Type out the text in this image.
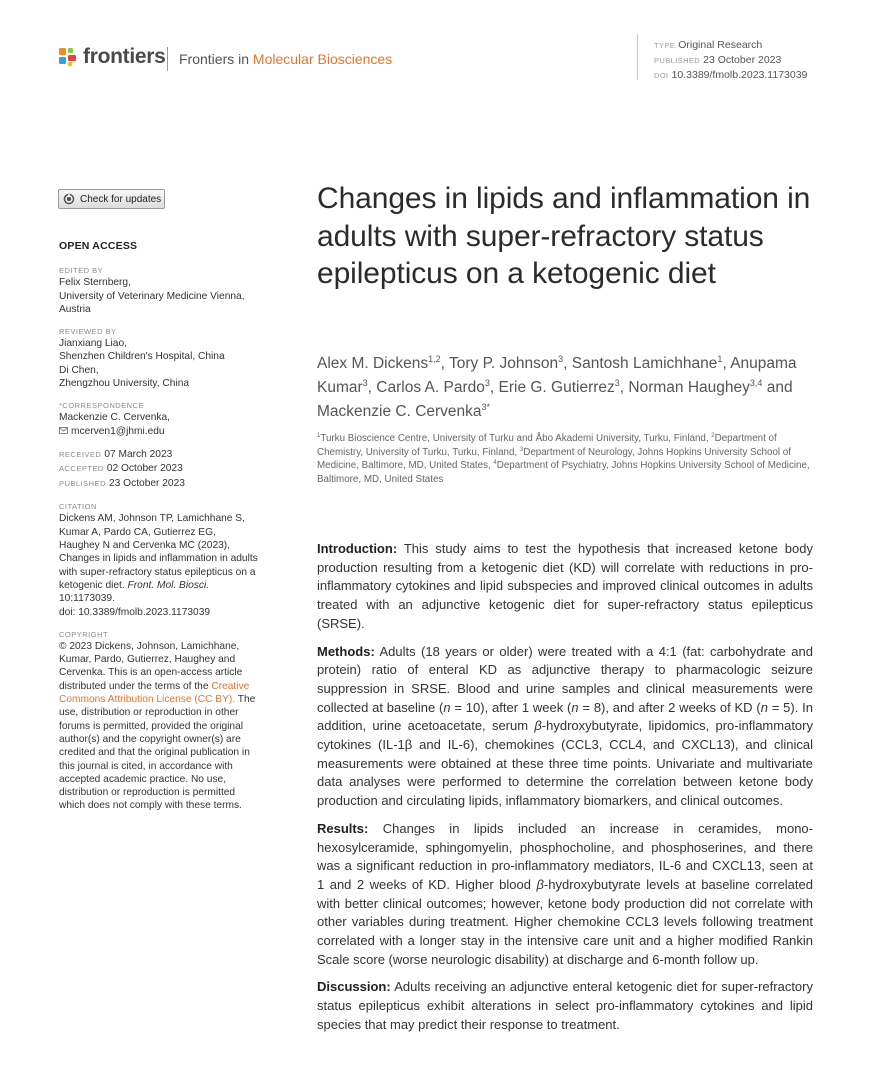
frontiers Frontiers in Molecular Biosciences
TYPE Original Research
PUBLISHED 23 October 2023
DOI 10.3389/fmolb.2023.1173039
Check for updates
OPEN ACCESS
EDITED BY
Felix Sternberg,
University of Veterinary Medicine Vienna,
Austria
REVIEWED BY
Jianxiang Liao,
Shenzhen Children's Hospital, China
Di Chen,
Zhengzhou University, China
*CORRESPONDENCE
Mackenzie C. Cervenka,
mcerven1@jhmi.edu
RECEIVED 07 March 2023
ACCEPTED 02 October 2023
PUBLISHED 23 October 2023
CITATION
Dickens AM, Johnson TP, Lamichhane S, Kumar A, Pardo CA, Gutierrez EG, Haughey N and Cervenka MC (2023), Changes in lipids and inflammation in adults with super-refractory status epilepticus on a ketogenic diet. Front. Mol. Biosci. 10:1173039.
doi: 10.3389/fmolb.2023.1173039
COPYRIGHT
© 2023 Dickens, Johnson, Lamichhane, Kumar, Pardo, Gutierrez, Haughey and Cervenka. This is an open-access article distributed under the terms of the Creative Commons Attribution License (CC BY). The use, distribution or reproduction in other forums is permitted, provided the original author(s) and the copyright owner(s) are credited and that the original publication in this journal is cited, in accordance with accepted academic practice. No use, distribution or reproduction is permitted which does not comply with these terms.
Changes in lipids and inflammation in adults with super-refractory status epilepticus on a ketogenic diet
Alex M. Dickens$^{1,2}$, Tory P. Johnson$^3$, Santosh Lamichhane$^1$, Anupama Kumar$^3$, Carlos A. Pardo$^3$, Erie G. Gutierrez$^3$, Norman Haughey$^{3,4}$ and Mackenzie C. Cervenka$^{3*}$
$^1$Turku Bioscience Centre, University of Turku and Åbo Akademi University, Turku, Finland, $^2$Department of Chemistry, University of Turku, Turku, Finland, $^3$Department of Neurology, Johns Hopkins University School of Medicine, Baltimore, MD, United States, $^4$Department of Psychiatry, Johns Hopkins University School of Medicine, Baltimore, MD, United States

Introduction: This study aims to test the hypothesis that increased ketone body production resulting from a ketogenic diet (KD) will correlate with reductions in pro-inflammatory cytokines and lipid subspecies and improved clinical outcomes in adults treated with an adjunctive ketogenic diet for super-refractory status epilepticus (SRSE).

Methods: Adults (18 years or older) were treated with a 4:1 (fat: carbohydrate and protein) ratio of enteral KD as adjunctive therapy to pharmacologic seizure suppression in SRSE. Blood and urine samples and clinical measurements were collected at baseline (n = 10), after 1 week (n = 8), and after 2 weeks of KD (n = 5). In addition, urine acetoacetate, serum β-hydroxybutyrate, lipidomics, pro-inflammatory cytokines (IL-1β and IL-6), chemokines (CCL3, CCL4, and CXCL13), and clinical measurements were obtained at these three time points. Univariate and multivariate data analyses were performed to determine the correlation between ketone body production and circulating lipids, inflammatory biomarkers, and clinical outcomes.

Results: Changes in lipids included an increase in ceramides, mono-hexosylceramide, sphingomyelin, phosphocholine, and phosphoserines, and there was a significant reduction in pro-inflammatory mediators, IL-6 and CXCL13, seen at 1 and 2 weeks of KD. Higher blood β-hydroxybutyrate levels at baseline correlated with better clinical outcomes; however, ketone body production did not correlate with other variables during treatment. Higher chemokine CCL3 levels following treatment correlated with a longer stay in the intensive care unit and a higher modified Rankin Scale score (worse neurologic disability) at discharge and 6-month follow up.

Discussion: Adults receiving an adjunctive enteral ketogenic diet for super-refractory status epilepticus exhibit alterations in select pro-inflammatory cytokines and lipid species that may predict their response to treatment.
